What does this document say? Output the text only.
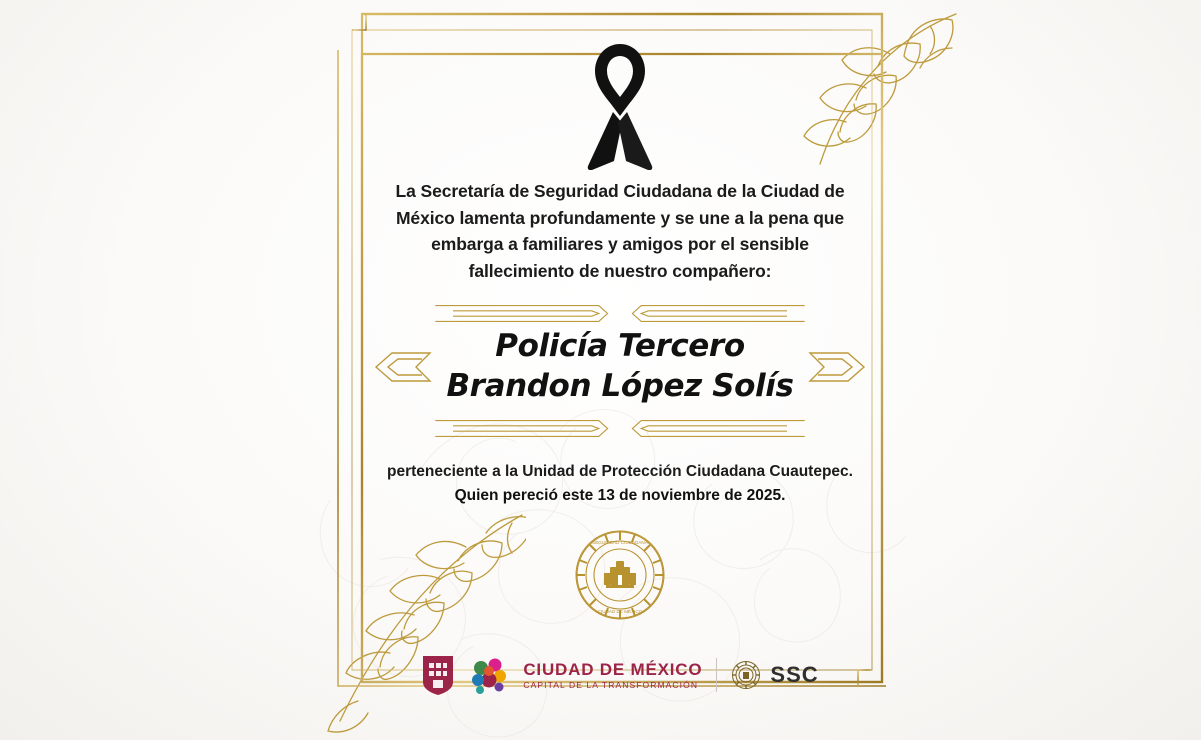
La Secretaría de Seguridad Ciudadana de la Ciudad de México lamenta profundamente y se une a la pena que embarga a familiares y amigos por el sensible fallecimiento de nuestro compañero:
Policía Tercero
Brandon López Solís
perteneciente a la Unidad de Protección Ciudadana Cuautepec.
Quien pereció este 13 de noviembre de 2025.
SEGURIDAD CIUDADANA
CIUDAD DE MÉXICO
CIUDAD DE MÉXICO
CAPITAL DE LA TRANSFORMACIÓN	SSC
